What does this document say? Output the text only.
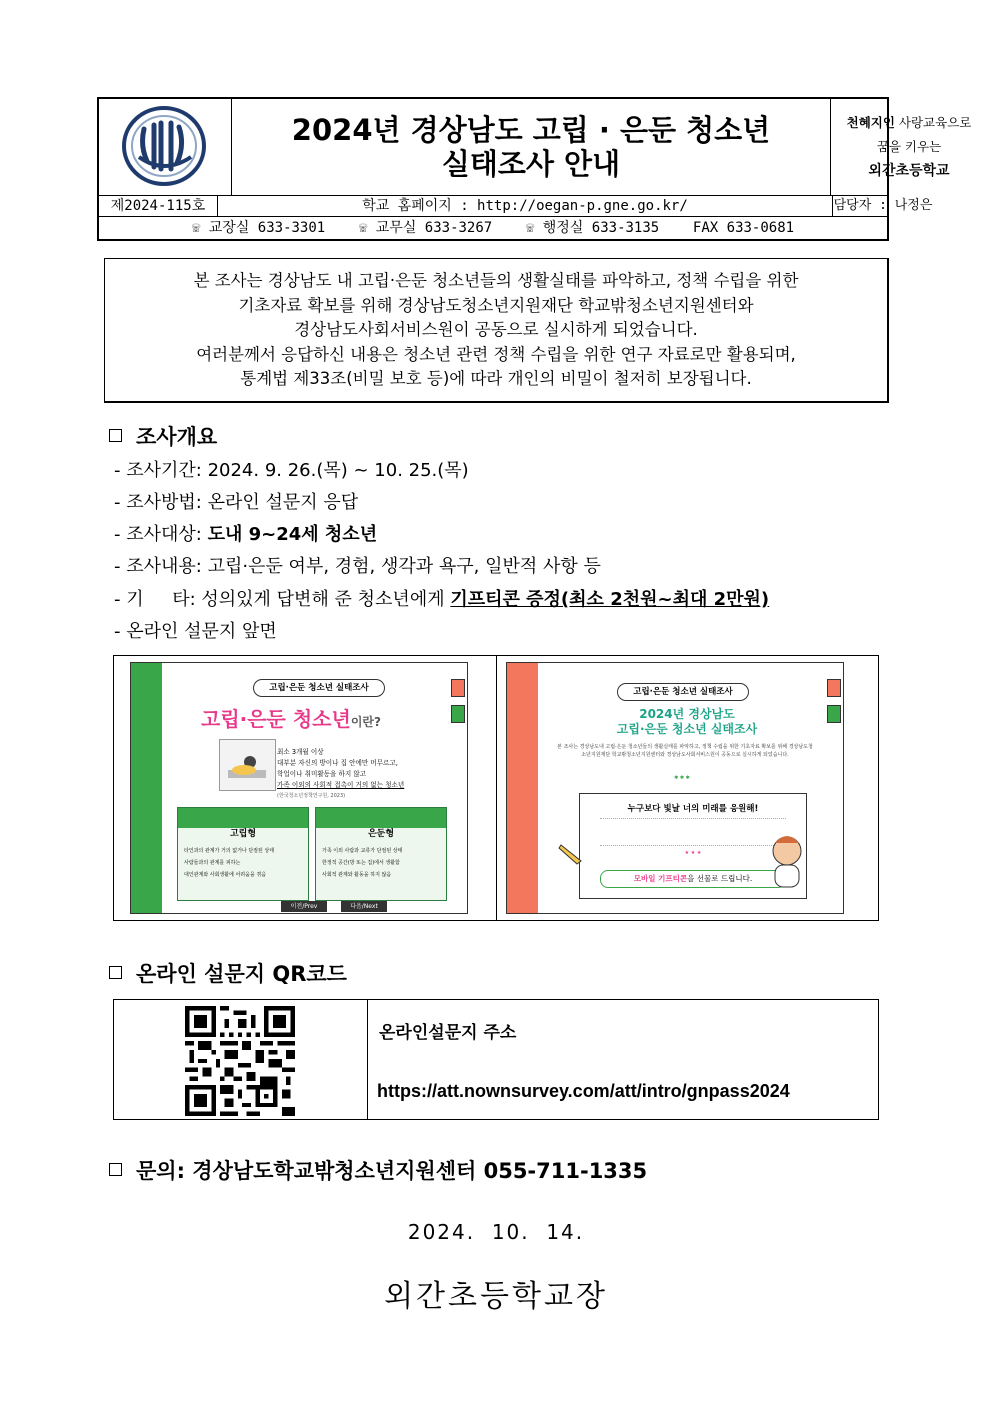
2024년 경상남도 고립 · 은둔 청소년
실태조사 안내
천혜지인 사랑교육으로
꿈을 키우는
외간초등학교
제2024-115호	학교 홈페이지 : http://oegan-p.gne.go.kr/	담당자 : 나정은
☏ 교장실 633-3301    ☏ 교무실 633-3267    ☏ 행정실 633-3135    FAX 633-0681
본 조사는 경상남도 내 고립·은둔 청소년들의 생활실태를 파악하고, 정책 수립을 위한
기초자료 확보를 위해 경상남도청소년지원재단 학교밖청소년지원센터와
경상남도사회서비스원이 공동으로 실시하게 되었습니다.
여러분께서 응답하신 내용은 청소년 관련 정책 수립을 위한 연구 자료로만 활용되며,
통계법 제33조(비밀 보호 등)에 따라 개인의 비밀이 철저히 보장됩니다.
조사개요
- 조사기간: 2024. 9. 26.(목) ~ 10. 25.(목)
- 조사방법: 온라인 설문지 응답
- 조사대상: 도내 9~24세 청소년
- 조사내용: 고립·은둔 여부, 경험, 생각과 욕구, 일반적 사항 등
- 기     타: 성의있게 답변해 준 청소년에게 기프티콘 증정(최소 2천원~최대 2만원)
- 온라인 설문지 앞면
고립·은둔 청소년 실태조사
고립·은둔 청소년이란?
최소 3개월 이상
대부분 자신의 방이나 집 안에만 머무르고,
학업이나 취미활동을 하지 않고
가족 이외의 사회적 접촉이 거의 없는 청소년
(한국청소년정책연구원, 2023)
고립형
타인과의 관계가 거의 없거나 단절된 상태
사람들과의 관계를 피하는
대인관계와 사회생활에 어려움을 겪음
은둔형
가족 이외 사람과 교류가 단절된 상태
한정적 공간(방 또는 집)에서 생활함
사회적 관계와 활동을 하지 않음
이전/Prev	다음/Next
고립·은둔 청소년 실태조사
2024년 경상남도
고립·은둔 청소년 실태조사
본 조사는 경상남도내 고립·은둔 청소년들의 생활실태를 파악하고, 정책 수립을 위한 기초자료 확보를 위해 경상남도청소년지원재단 학교밖청소년지원센터와 경상남도사회서비스원이 공동으로 실시하게 되었습니다.
✱ ✱ ✱
누구보다 빛날 너의 미래를 응원해!
★ ★ ★
모바일 기프티콘을 선물로 드립니다.
온라인 설문지 QR코드
온라인설문지 주소
https://att.nownsurvey.com/att/intro/gnpass2024
문의: 경상남도학교밖청소년지원센터 055-711-1335
2024.  10.  14.
외간초등학교장
